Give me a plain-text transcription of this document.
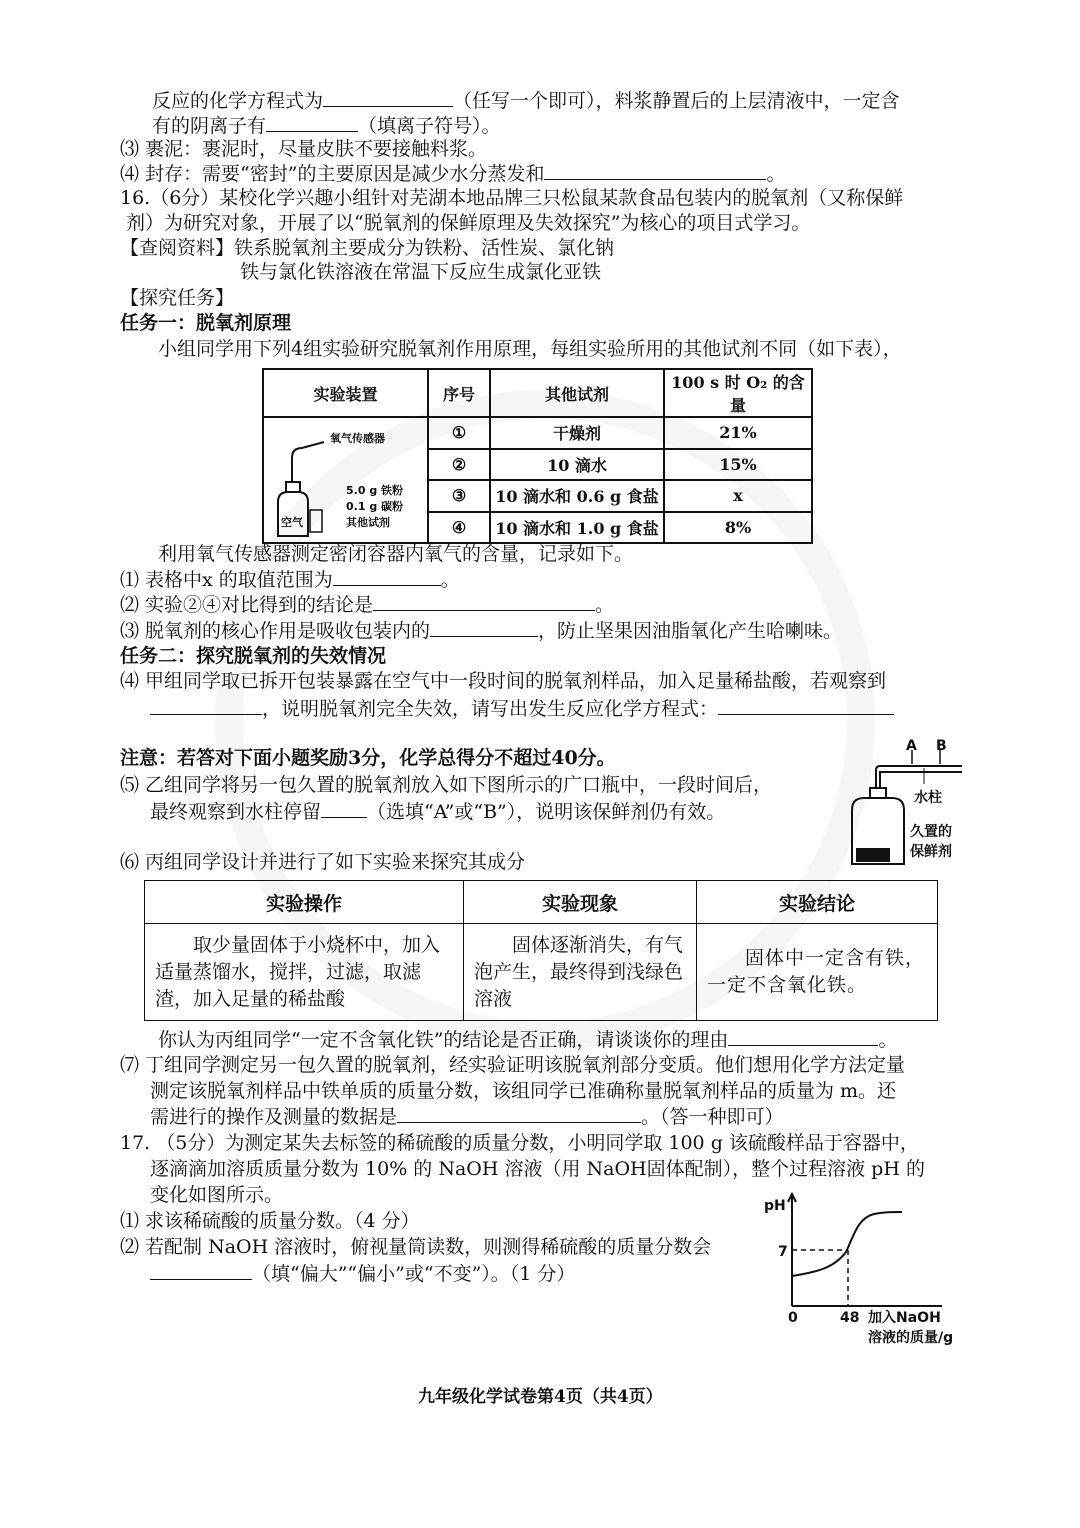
反应的化学方程式为	（任写一个即可），料浆静置后的上层清液中，一定含
有的阴离子有	（填离子符号）。
⑶ 裹泥：裹泥时，尽量皮肤不要接触料浆。
⑷ 封存：需要“密封”的主要原因是减少水分蒸发和	。
16.（6分）某校化学兴趣小组针对芜湖本地品牌三只松鼠某款食品包装内的脱氧剂（又称保鲜
剂）为研究对象，开展了以“脱氧剂的保鲜原理及失效探究”为核心的项目式学习。
【查阅资料】铁系脱氧剂主要成分为铁粉、活性炭、氯化钠
铁与氯化铁溶液在常温下反应生成氯化亚铁
【探究任务】
任务一：脱氧剂原理
小组同学用下列4组实验研究脱氧剂作用原理，每组实验所用的其他试剂不同（如下表），
实验装置	序号	其他试剂	100 s 时 O₂ 的含量

氧气传感器
空气
5.0 g 铁粉
0.1 g 碳粉
其他试剂	①	干燥剂	21%
	②	10 滴水	15%
	③	10 滴水和 0.6 g 食盐	x
	④	10 滴水和 1.0 g 食盐	8%
利用氧气传感器测定密闭容器内氧气的含量，记录如下。
⑴ 表格中x 的取值范围为	。
⑵ 实验②④对比得到的结论是	。
⑶ 脱氧剂的核心作用是吸收包装内的	，防止坚果因油脂氧化产生哈喇味。
任务二：探究脱氧剂的失效情况
⑷ 甲组同学取已拆开包装暴露在空气中一段时间的脱氧剂样品，加入足量稀盐酸，若观察到
，说明脱氧剂完全失效，请写出发生反应化学方程式：
注意：若答对下面小题奖励3分，化学总得分不超过40分。
⑸ 乙组同学将另一包久置的脱氧剂放入如下图所示的广口瓶中，一段时间后，
最终观察到水柱停留 （选填“A”或“B”），说明该保鲜剂仍有效。
A B
水柱
久置的
保鲜剂
⑹ 丙组同学设计并进行了如下实验来探究其成分
实验操作	实验现象	实验结论

取少量固体于小烧杯中，加入适量蒸馏水，搅拌，过滤，取滤渣，加入足量的稀盐酸	固体逐渐消失，有气泡产生，最终得到浅绿色溶液	固体中一定含有铁，一定不含氧化铁。
你认为丙组同学“一定不含氧化铁”的结论是否正确，请谈谈你的理由	。
⑺ 丁组同学测定另一包久置的脱氧剂，经实验证明该脱氧剂部分变质。他们想用化学方法定量
测定该脱氧剂样品中铁单质的质量分数，该组同学已准确称量脱氧剂样品的质量为 m。还
需进行的操作及测量的数据是	。（答一种即可）
17. （5分）为测定某失去标签的稀硫酸的质量分数，小明同学取 100 g 该硫酸样品于容器中，
逐滴滴加溶质质量分数为 10% 的 NaOH 溶液（用 NaOH固体配制），整个过程溶液 pH 的
变化如图所示。
⑴ 求该稀硫酸的质量分数。（4 分）
⑵ 若配制 NaOH 溶液时，俯视量筒读数，则测得稀硫酸的质量分数会
（填“偏大”“偏小”或“不变”）。（1 分）
pH
7
0	48 加入NaOH
溶液的质量/g
九年级化学试卷第4页（共4页）
